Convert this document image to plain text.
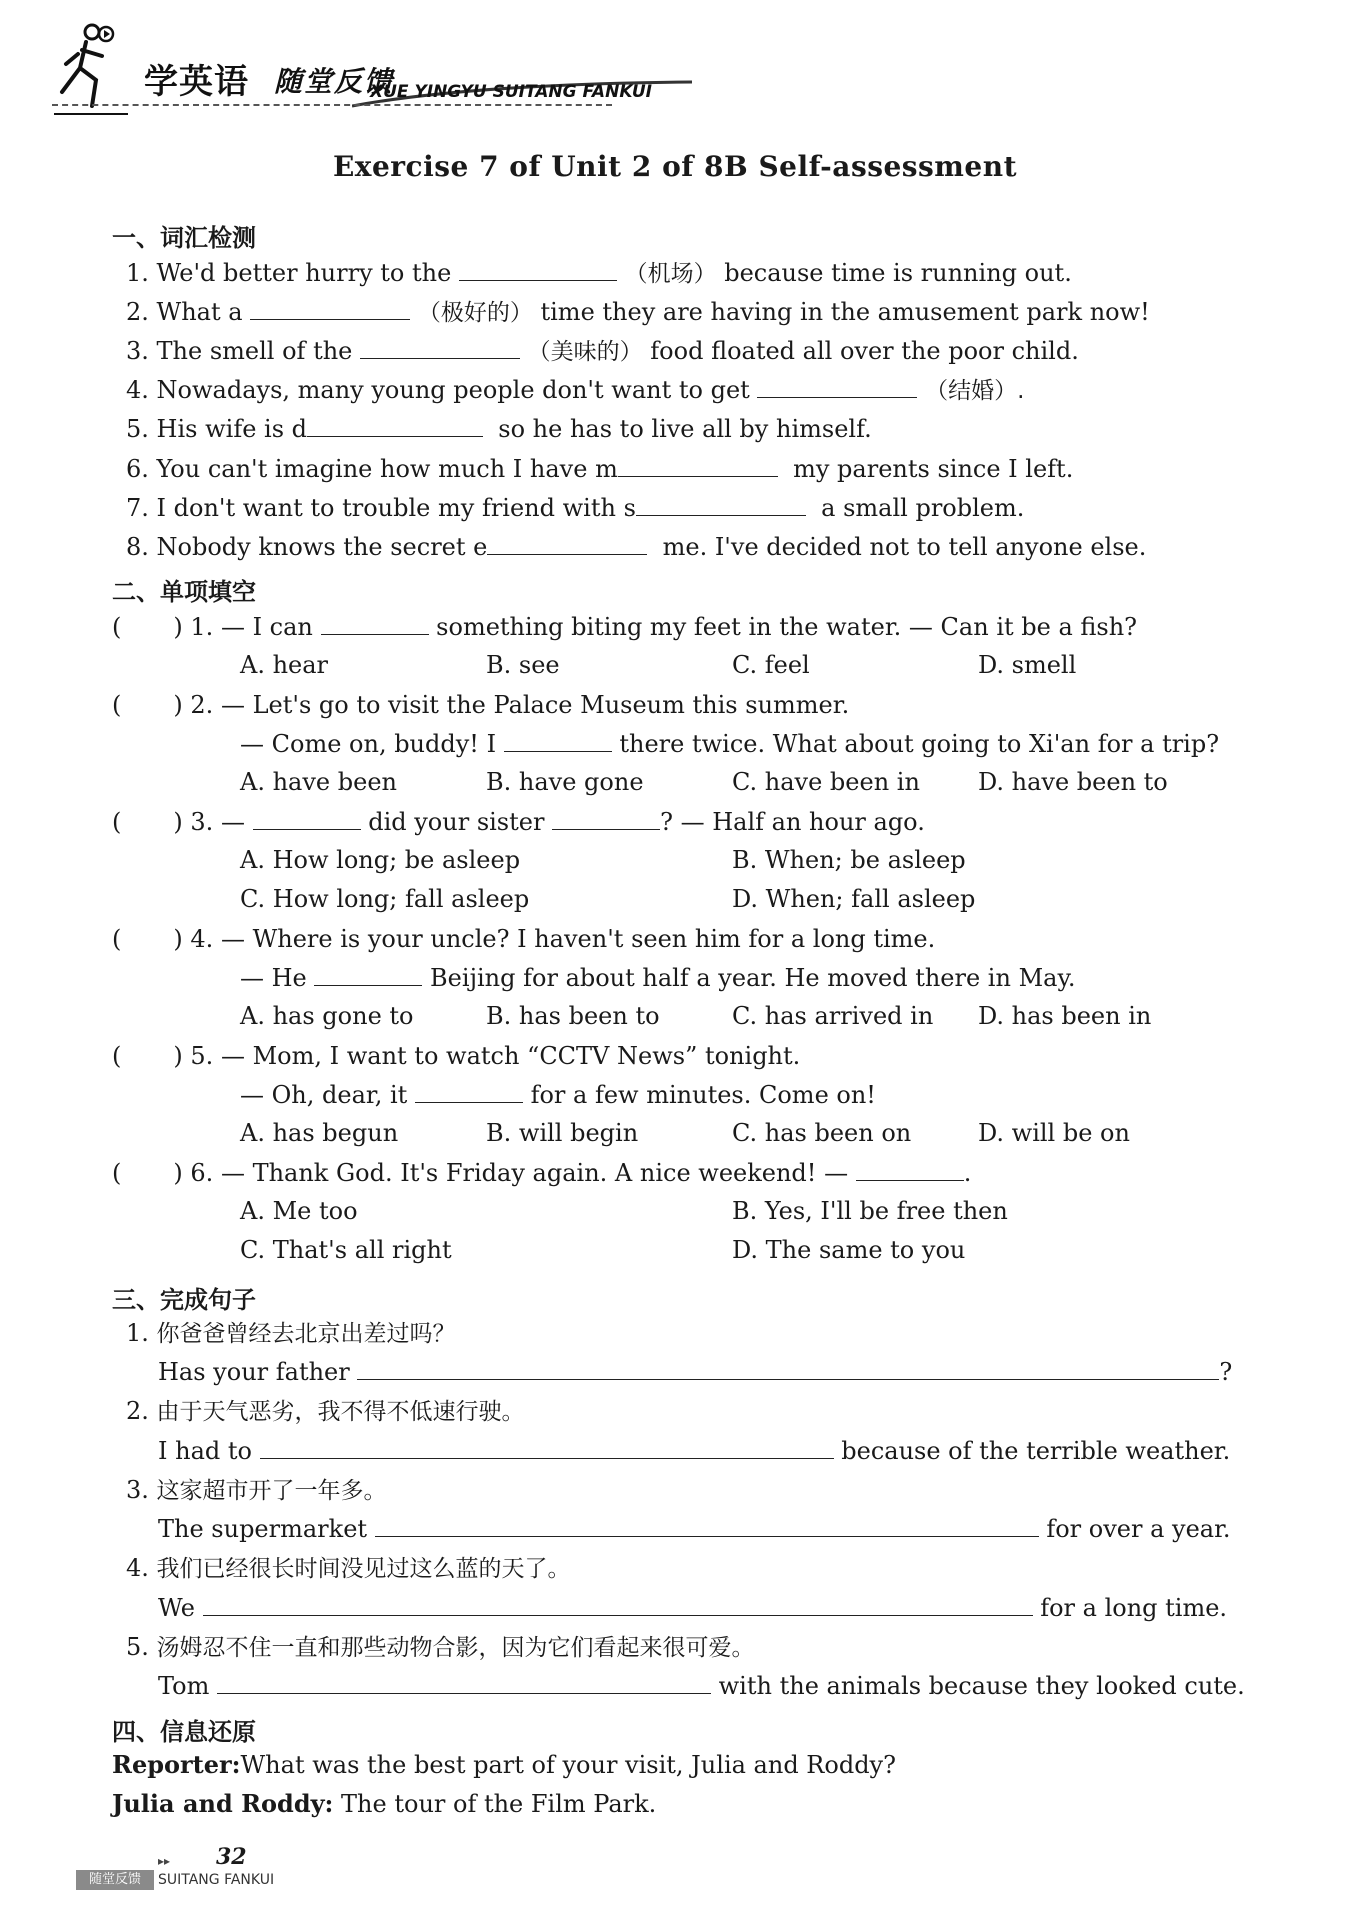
学英语 随堂反馈
XUE YINGYU SUITANG FANKUI
Exercise 7 of Unit 2 of 8B Self-assessment
一、词汇检测
1. We'd better hurry to the	（机场） because time is running out.
2. What a	（极好的） time they are having in the amusement park now!
3. The smell of the	（美味的） food floated all over the poor child.
4. Nowadays, many young people don't want to get	（结婚）.
5. His wife is d	so he has to live all by himself.
6. You can't imagine how much I have m	my parents since I left.
7. I don't want to trouble my friend with s	a small problem.
8. Nobody knows the secret e	me. I've decided not to tell anyone else.
二、单项填空
( ) 1. — I can	something biting my feet in the water. — Can it be a fish?
A. hear	B. see	C. feel	D. smell
( ) 2. — Let's go to visit the Palace Museum this summer.
— Come on, buddy! I	there twice. What about going to Xi'an for a trip?
A. have been	B. have gone	C. have been in D. have been to
( ) 3. —	did your sister	? — Half an hour ago.
A. How long; be asleep	B. When; be asleep
C. How long; fall asleep	D. When; fall asleep
( ) 4. — Where is your uncle? I haven't seen him for a long time.
— He	Beijing for about half a year. He moved there in May.
A. has gone to	B. has been to	C. has arrived in D. has been in
( ) 5. — Mom, I want to watch “CCTV News” tonight.
— Oh, dear, it	for a few minutes. Come on!
A. has begun	B. will begin	C. has been on	D. will be on
( ) 6. — Thank God. It's Friday again. A nice weekend! —	.
A. Me too	B. Yes, I'll be free then
C. That's all right	D. The same to you
三、完成句子
1. 你爸爸曾经去北京出差过吗？
Has your father	?
2. 由于天气恶劣，我不得不低速行驶。
I had to	because of the terrible weather.
3. 这家超市开了一年多。
The supermarket	for over a year.
4. 我们已经很长时间没见过这么蓝的天了。
We	for a long time.
5. 汤姆忍不住一直和那些动物合影，因为它们看起来很可爱。
Tom	with the animals because they looked cute.
四、信息还原
Reporter:What was the best part of your visit, Julia and Roddy?
Julia and Roddy: The tour of the Film Park.
▸▸ 32
随堂反馈	SUITANG FANKUI
